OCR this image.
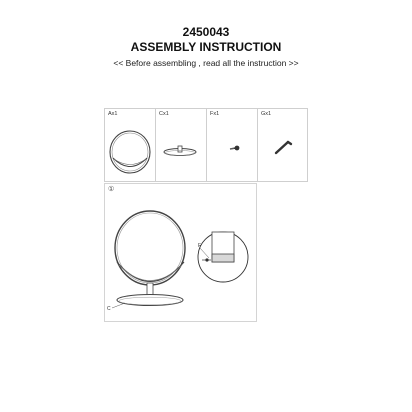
2450043
ASSEMBLY INSTRUCTION
<< Before assembling , read all the instruction >>
Ax1	Cx1	Fx1	Gx1
①
F
C
